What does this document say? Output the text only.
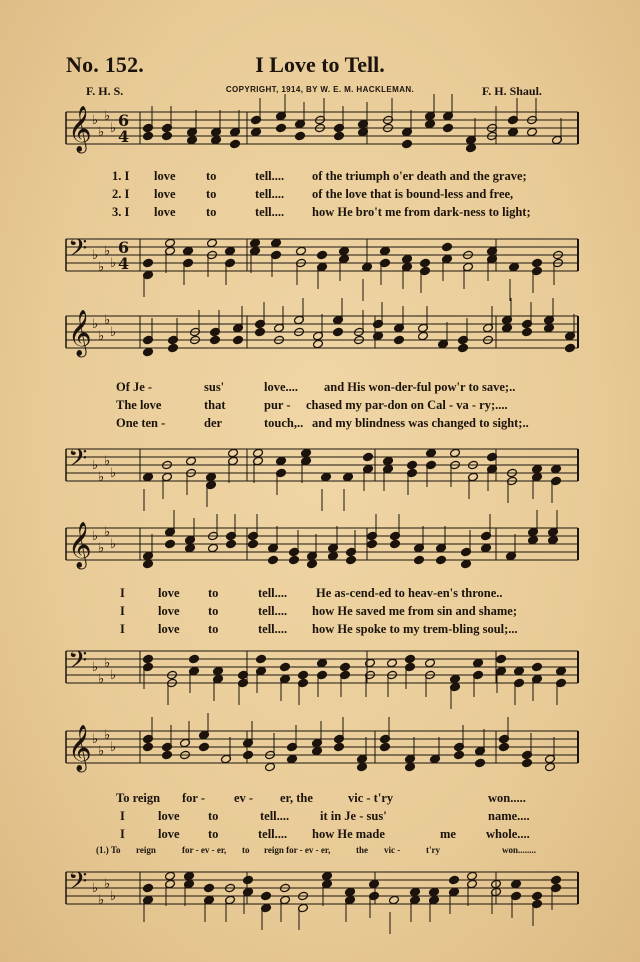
No. 152.	I Love to Tell.
F. H. S.	COPYRIGHT, 1914, BY W. E. M. HACKLEMAN.	F. H. Shaul.
𝄞 ♭
♭
♭
♭ 6
4
1. I love to	tell.... of the triumph o'er death and the grave;
2. I love to	tell.... of the love that is bound-less and free,
3. I love to	tell.... how He bro't me from dark-ness to light;
𝄢 ♭
♭
♭
♭
6
4
𝄞 ♭
♭
♭
♭
Of Je -	sus'	love.... and His won-der-ful pow'r to save;..
The love	that	pur - chased my par-don on Cal - va - ry;....
One ten -	der	touch,.. and my blindness was changed to sight;..
𝄢 ♭
♭
♭
♭
𝄞 ♭
♭
♭
♭
I	love to	tell.... He as-cend-ed to heav-en's throne..
I	love to	tell.... how He saved me from sin and shame;
I	love to	tell.... how He spoke to my trem-bling soul;...
𝄢 ♭
♭
♭
♭
𝄞 ♭
♭
♭
♭
To reign for - ev - er, the	vic - t'ry	won.....
I	love to	tell.... it in Je - sus'	name....
I	love to	tell.... how He made	me whole....
(1.) To reign	for - ev - er, to reign for - ev - er,	the vic -	t'ry	won........
𝄢 ♭
♭
♭
♭
